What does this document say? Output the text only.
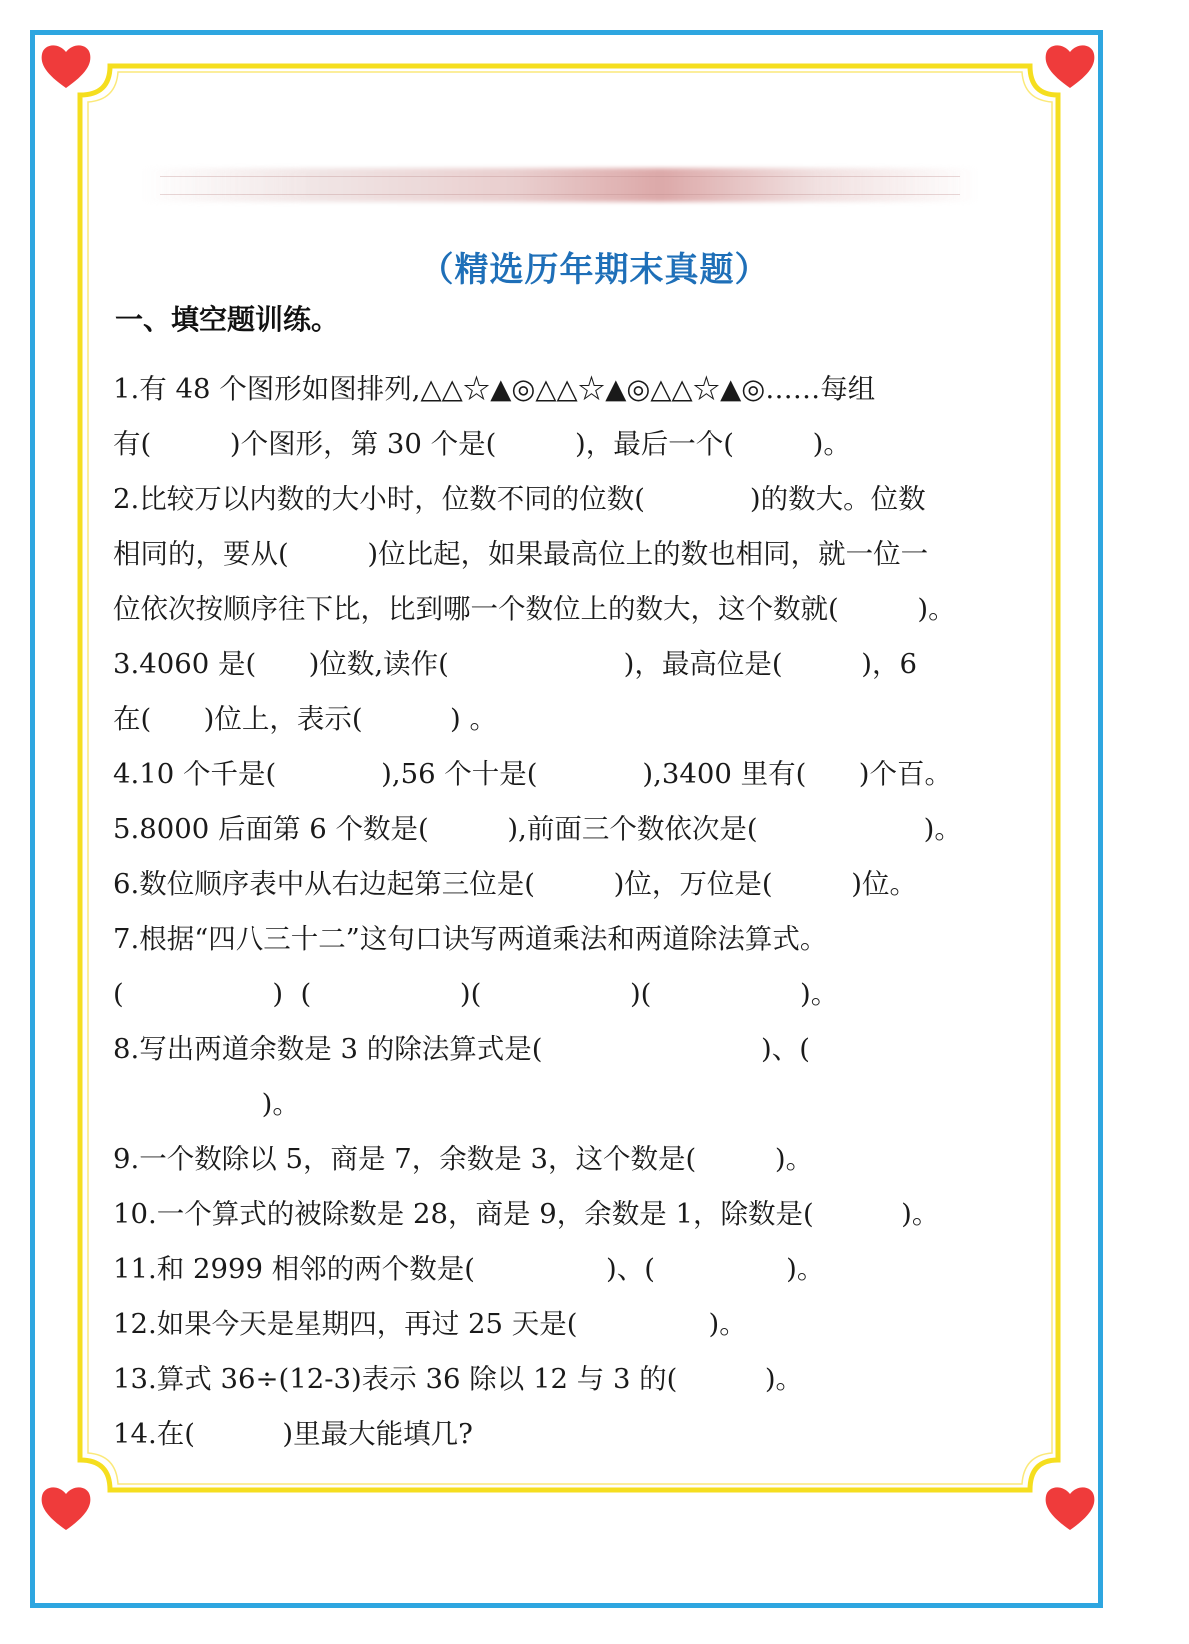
（精选历年期末真题）
一、填空题训练。
1.有 48 个图形如图排列,△△☆▲◎△△☆▲◎△△☆▲◎……每组
有(         )个图形，第 30 个是(         )，最后一个(         )。
2.比较万以内数的大小时，位数不同的位数(            )的数大。位数
相同的，要从(         )位比起，如果最高位上的数也相同，就一位一
位依次按顺序往下比，比到哪一个数位上的数大，这个数就(         )。
3.4060 是(      )位数,读作(                    )，最高位是(         )，6
在(      )位上，表示(          ) 。
4.10 个千是(            ),56 个十是(            ),3400 里有(      )个百。
5.8000 后面第 6 个数是(         ),前面三个数依次是(                   )。
6.数位顺序表中从右边起第三位是(         )位，万位是(         )位。
7.根据“四八三十二”这句口诀写两道乘法和两道除法算式。
(                 )  (                 )(                 )(                 )。
8.写出两道余数是 3 的除法算式是(                         )、(
)。
9.一个数除以 5，商是 7，余数是 3，这个数是(         )。
10.一个算式的被除数是 28，商是 9，余数是 1，除数是(          )。
11.和 2999 相邻的两个数是(               )、(               )。
12.如果今天是星期四，再过 25 天是(               )。
13.算式 36÷(12-3)表示 36 除以 12 与 3 的(          )。
14.在(          )里最大能填几?
